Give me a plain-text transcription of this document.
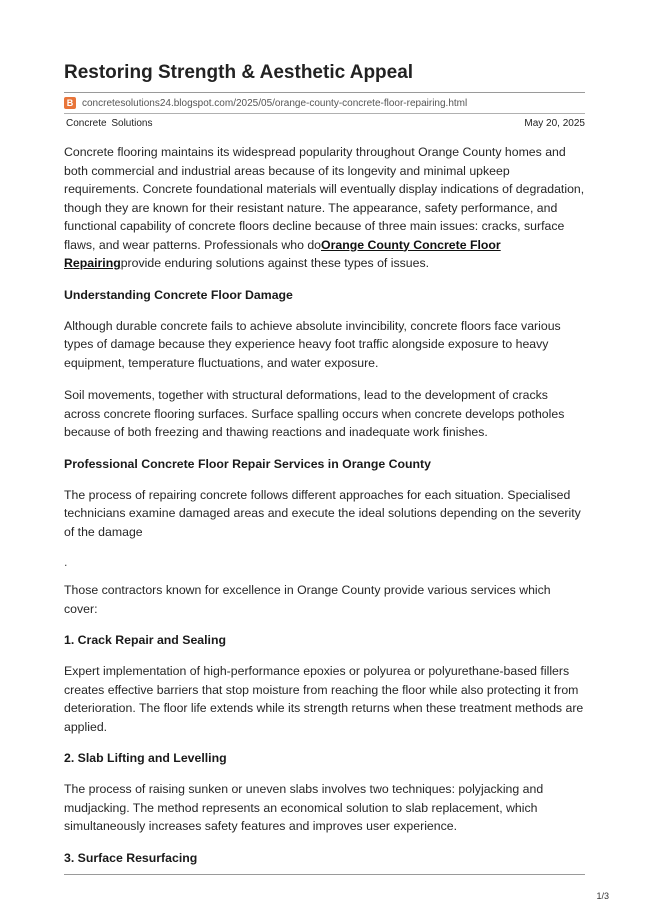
Restoring Strength & Aesthetic Appeal
B concretesolutions24.blogspot.com/2025/05/orange-county-concrete-floor-repairing.html
Concrete Solutions	May 20, 2025

Concrete flooring maintains its widespread popularity throughout Orange County homes and both commercial and industrial areas because of its longevity and minimal upkeep requirements. Concrete foundational materials will eventually display indications of degradation, though they are known for their resistant nature. The appearance, safety performance, and functional capability of concrete floors decline because of three main issues: cracks, surface flaws, and wear patterns. Professionals who doOrange County Concrete Floor Repairingprovide enduring solutions against these types of issues.

Understanding Concrete Floor Damage

Although durable concrete fails to achieve absolute invincibility, concrete floors face various types of damage because they experience heavy foot traffic alongside exposure to heavy equipment, temperature fluctuations, and water exposure.

Soil movements, together with structural deformations, lead to the development of cracks across concrete flooring surfaces. Surface spalling occurs when concrete develops potholes because of both freezing and thawing reactions and inadequate work finishes.

Professional Concrete Floor Repair Services in Orange County

The process of repairing concrete follows different approaches for each situation. Specialised technicians examine damaged areas and execute the ideal solutions depending on the severity of the damage

.

Those contractors known for excellence in Orange County provide various services which cover:

1. Crack Repair and Sealing

Expert implementation of high-performance epoxies or polyurea or polyurethane-based fillers creates effective barriers that stop moisture from reaching the floor while also protecting it from deterioration. The floor life extends while its strength returns when these treatment methods are applied.

2. Slab Lifting and Levelling

The process of raising sunken or uneven slabs involves two techniques: polyjacking and mudjacking. The method represents an economical solution to slab replacement, which simultaneously increases safety features and improves user experience.

3. Surface Resurfacing
1/3
